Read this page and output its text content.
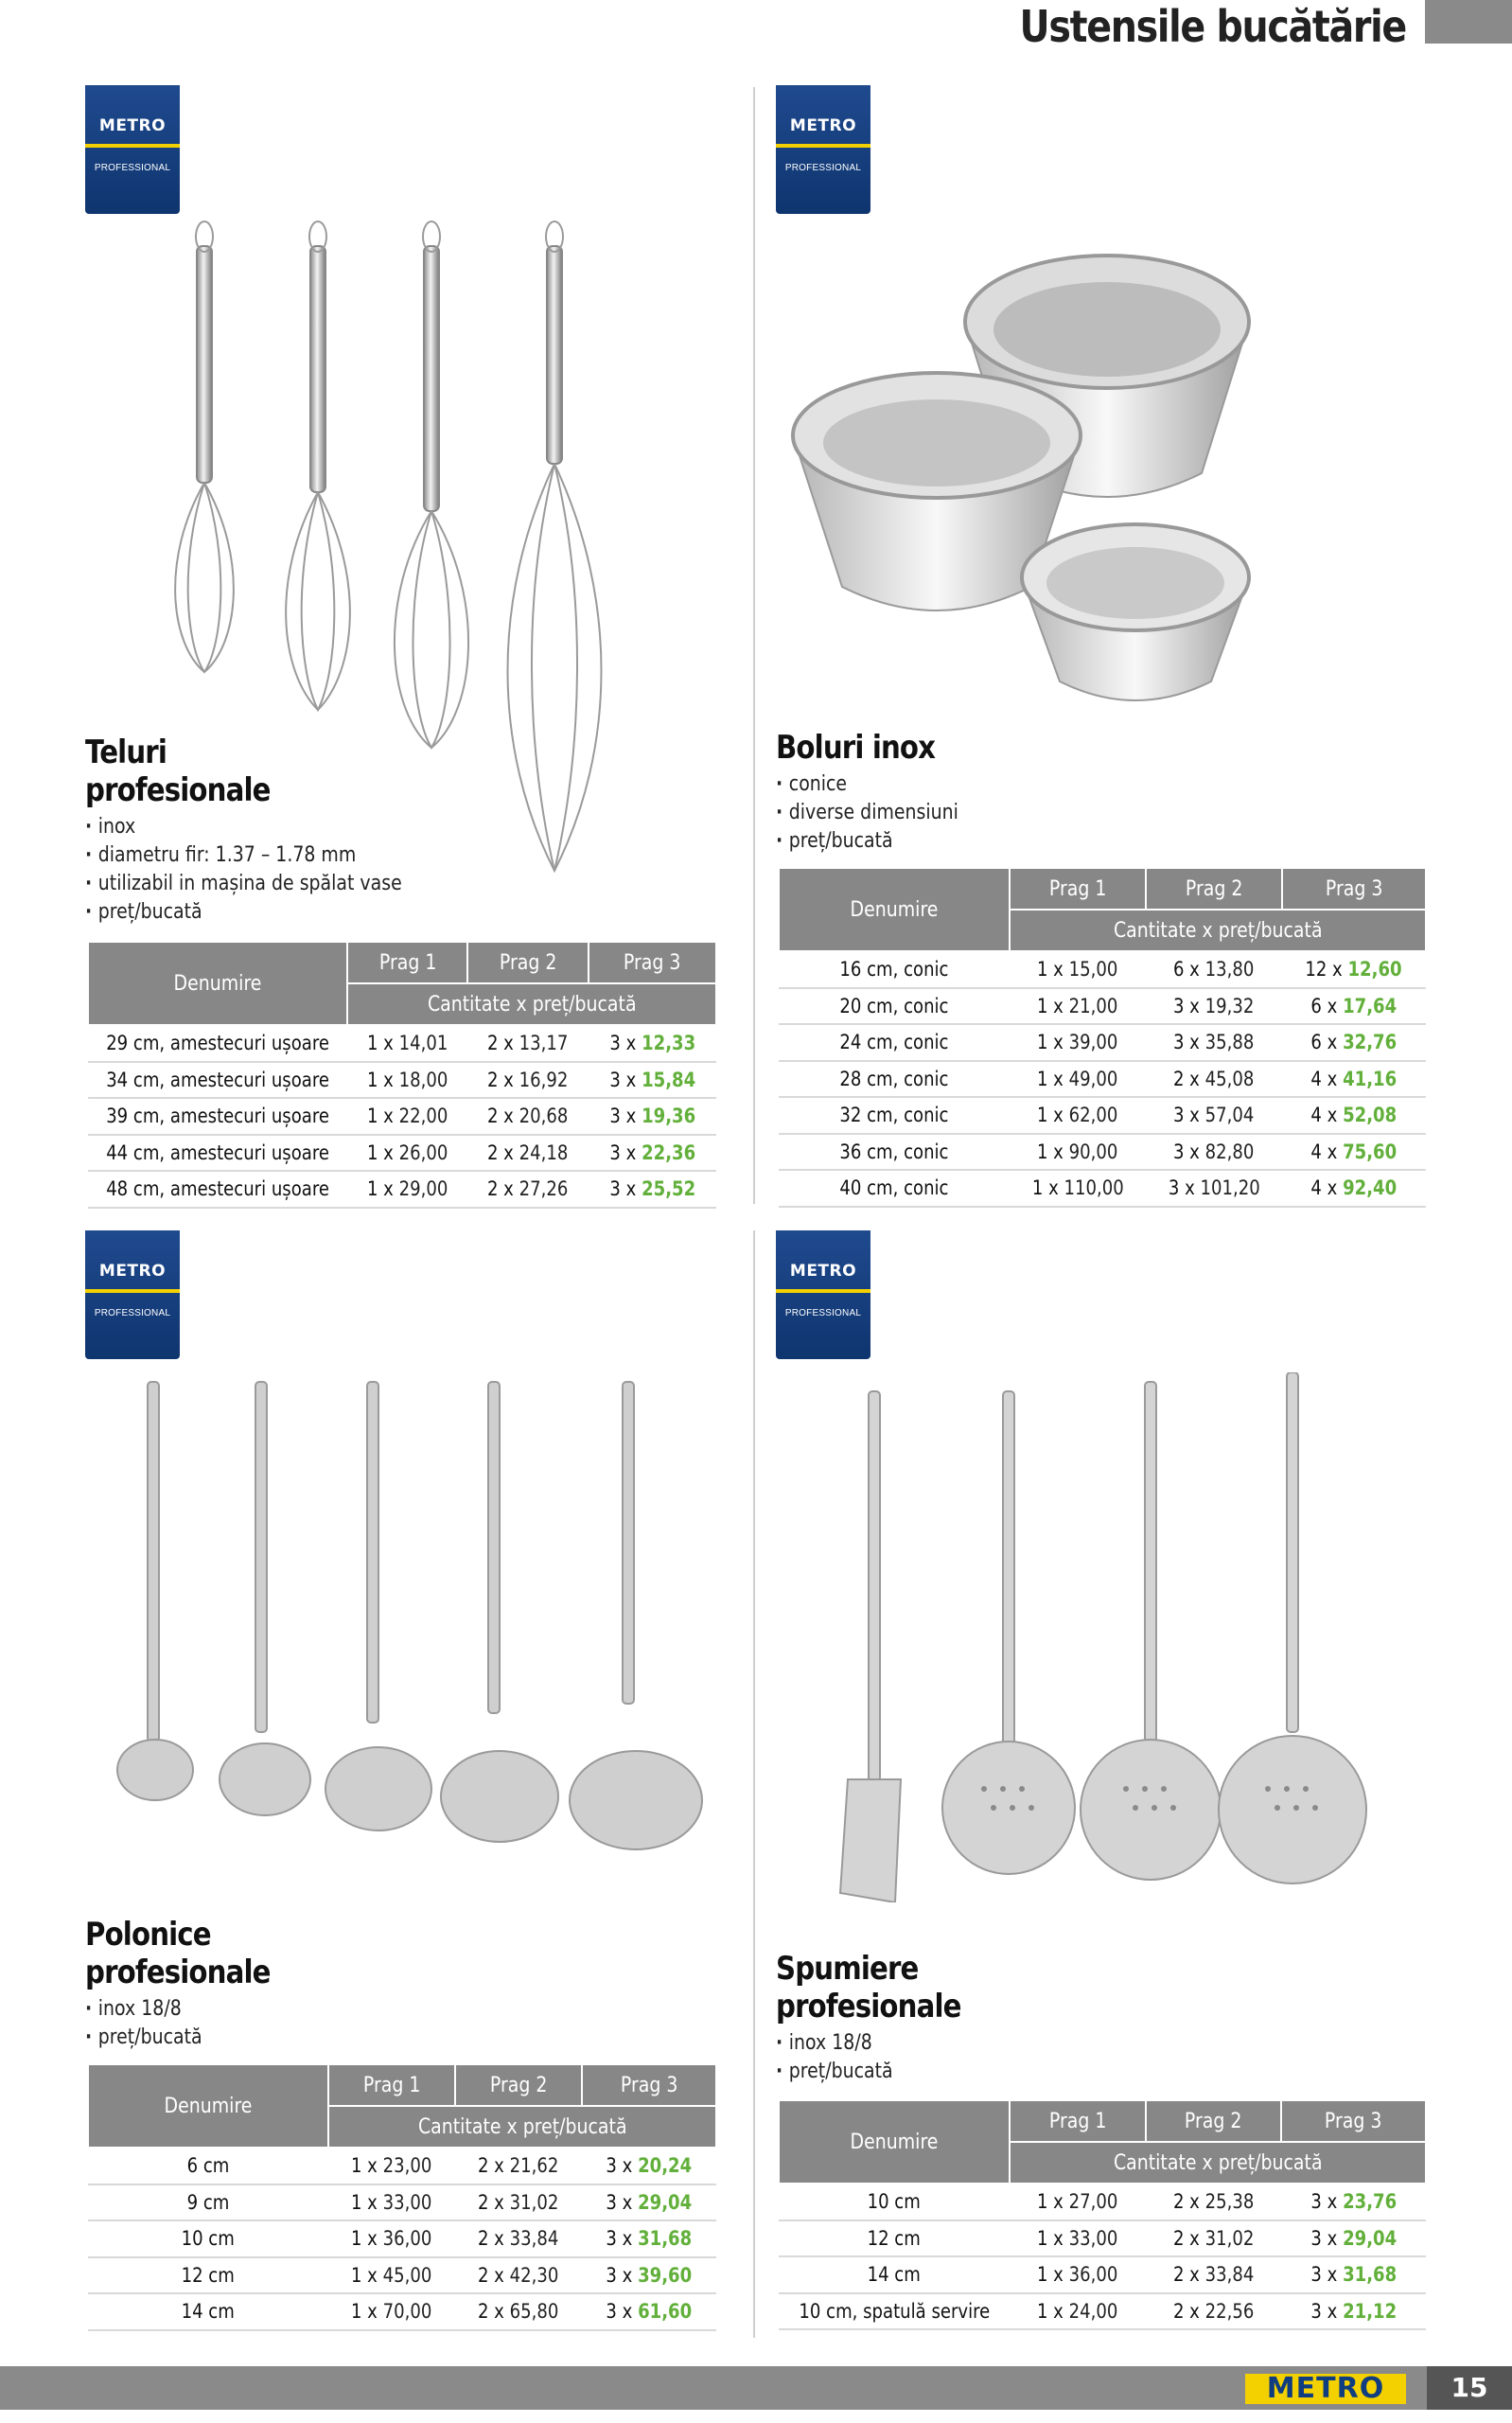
Ustensile bucătărie
METRO
PROFESSIONAL
METRO
PROFESSIONAL
METRO
PROFESSIONAL
METRO
PROFESSIONAL
Teluri
profesionale
· inox
· diametru fir: 1.37 – 1.78 mm
· utilizabil in mașina de spălat vase
· preț/bucată
Boluri inox
· conice
· diverse dimensiuni
· preț/bucată
Polonice
profesionale
· inox 18/8
· preț/bucată
Spumiere
profesionale
· inox 18/8
· preț/bucată
Denumire	Prag 1	Prag 2	Prag 3
	Cantitate x preț/bucată		
29 cm, amestecuri ușoare	1 x 14,01	2 x 13,17	3 x 12,33
34 cm, amestecuri ușoare	1 x 18,00	2 x 16,92	3 x 15,84
39 cm, amestecuri ușoare	1 x 22,00	2 x 20,68	3 x 19,36
44 cm, amestecuri ușoare	1 x 26,00	2 x 24,18	3 x 22,36
48 cm, amestecuri ușoare	1 x 29,00	2 x 27,26	3 x 25,52
Denumire	Prag 1	Prag 2	Prag 3
	Cantitate x preț/bucată		
16 cm, conic	1 x 15,00	6 x 13,80	12 x 12,60
20 cm, conic	1 x 21,00	3 x 19,32	6 x 17,64
24 cm, conic	1 x 39,00	3 x 35,88	6 x 32,76
28 cm, conic	1 x 49,00	2 x 45,08	4 x 41,16
32 cm, conic	1 x 62,00	3 x 57,04	4 x 52,08
36 cm, conic	1 x 90,00	3 x 82,80	4 x 75,60
40 cm, conic	1 x 110,00	3 x 101,20	4 x 92,40
Denumire	Prag 1	Prag 2	Prag 3
	Cantitate x preț/bucată		
6 cm	1 x 23,00	2 x 21,62	3 x 20,24
9 cm	1 x 33,00	2 x 31,02	3 x 29,04
10 cm	1 x 36,00	2 x 33,84	3 x 31,68
12 cm	1 x 45,00	2 x 42,30	3 x 39,60
14 cm	1 x 70,00	2 x 65,80	3 x 61,60
Denumire	Prag 1	Prag 2	Prag 3
	Cantitate x preț/bucată		
10 cm	1 x 27,00	2 x 25,38	3 x 23,76
12 cm	1 x 33,00	2 x 31,02	3 x 29,04
14 cm	1 x 36,00	2 x 33,84	3 x 31,68
10 cm, spatulă servire	1 x 24,00	2 x 22,56	3 x 21,12
METRO	15
